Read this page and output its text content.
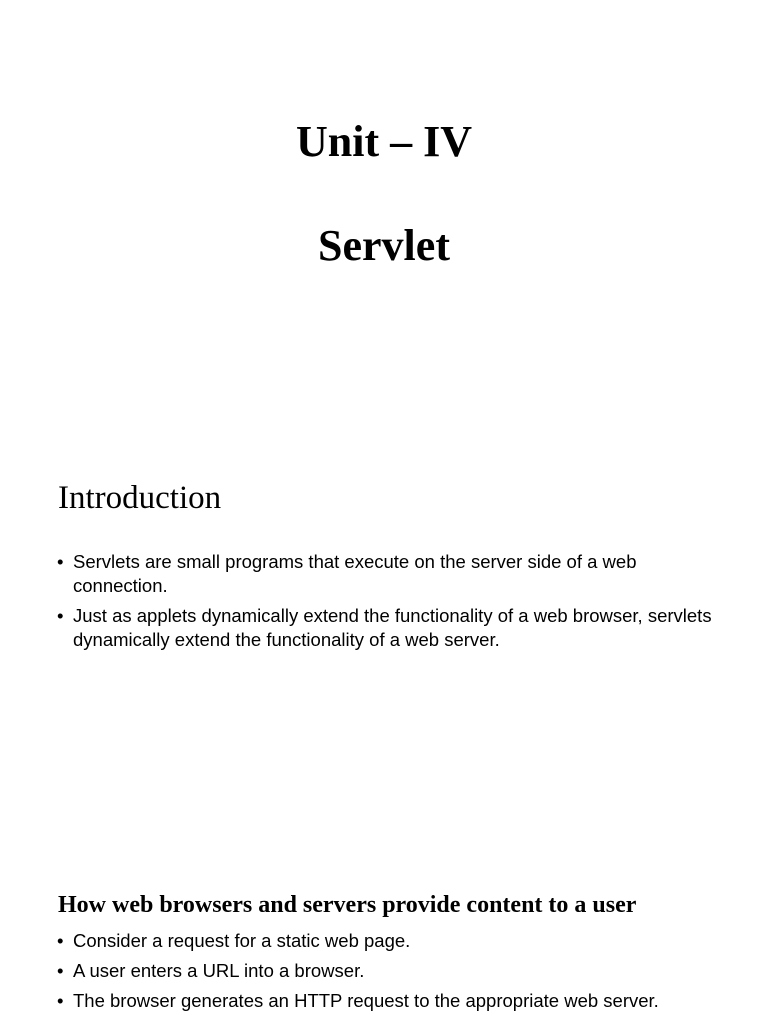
Unit – IV
Servlet
Introduction
• Servlets are small programs that execute on the server side of a web connection.
• Just as applets dynamically extend the functionality of a web browser, servlets dynamically extend the functionality of a web server.
How web browsers and servers provide content to a user
• Consider a request for a static web page.
• A user enters a URL into a browser.
• The browser generates an HTTP request to the appropriate web server.
